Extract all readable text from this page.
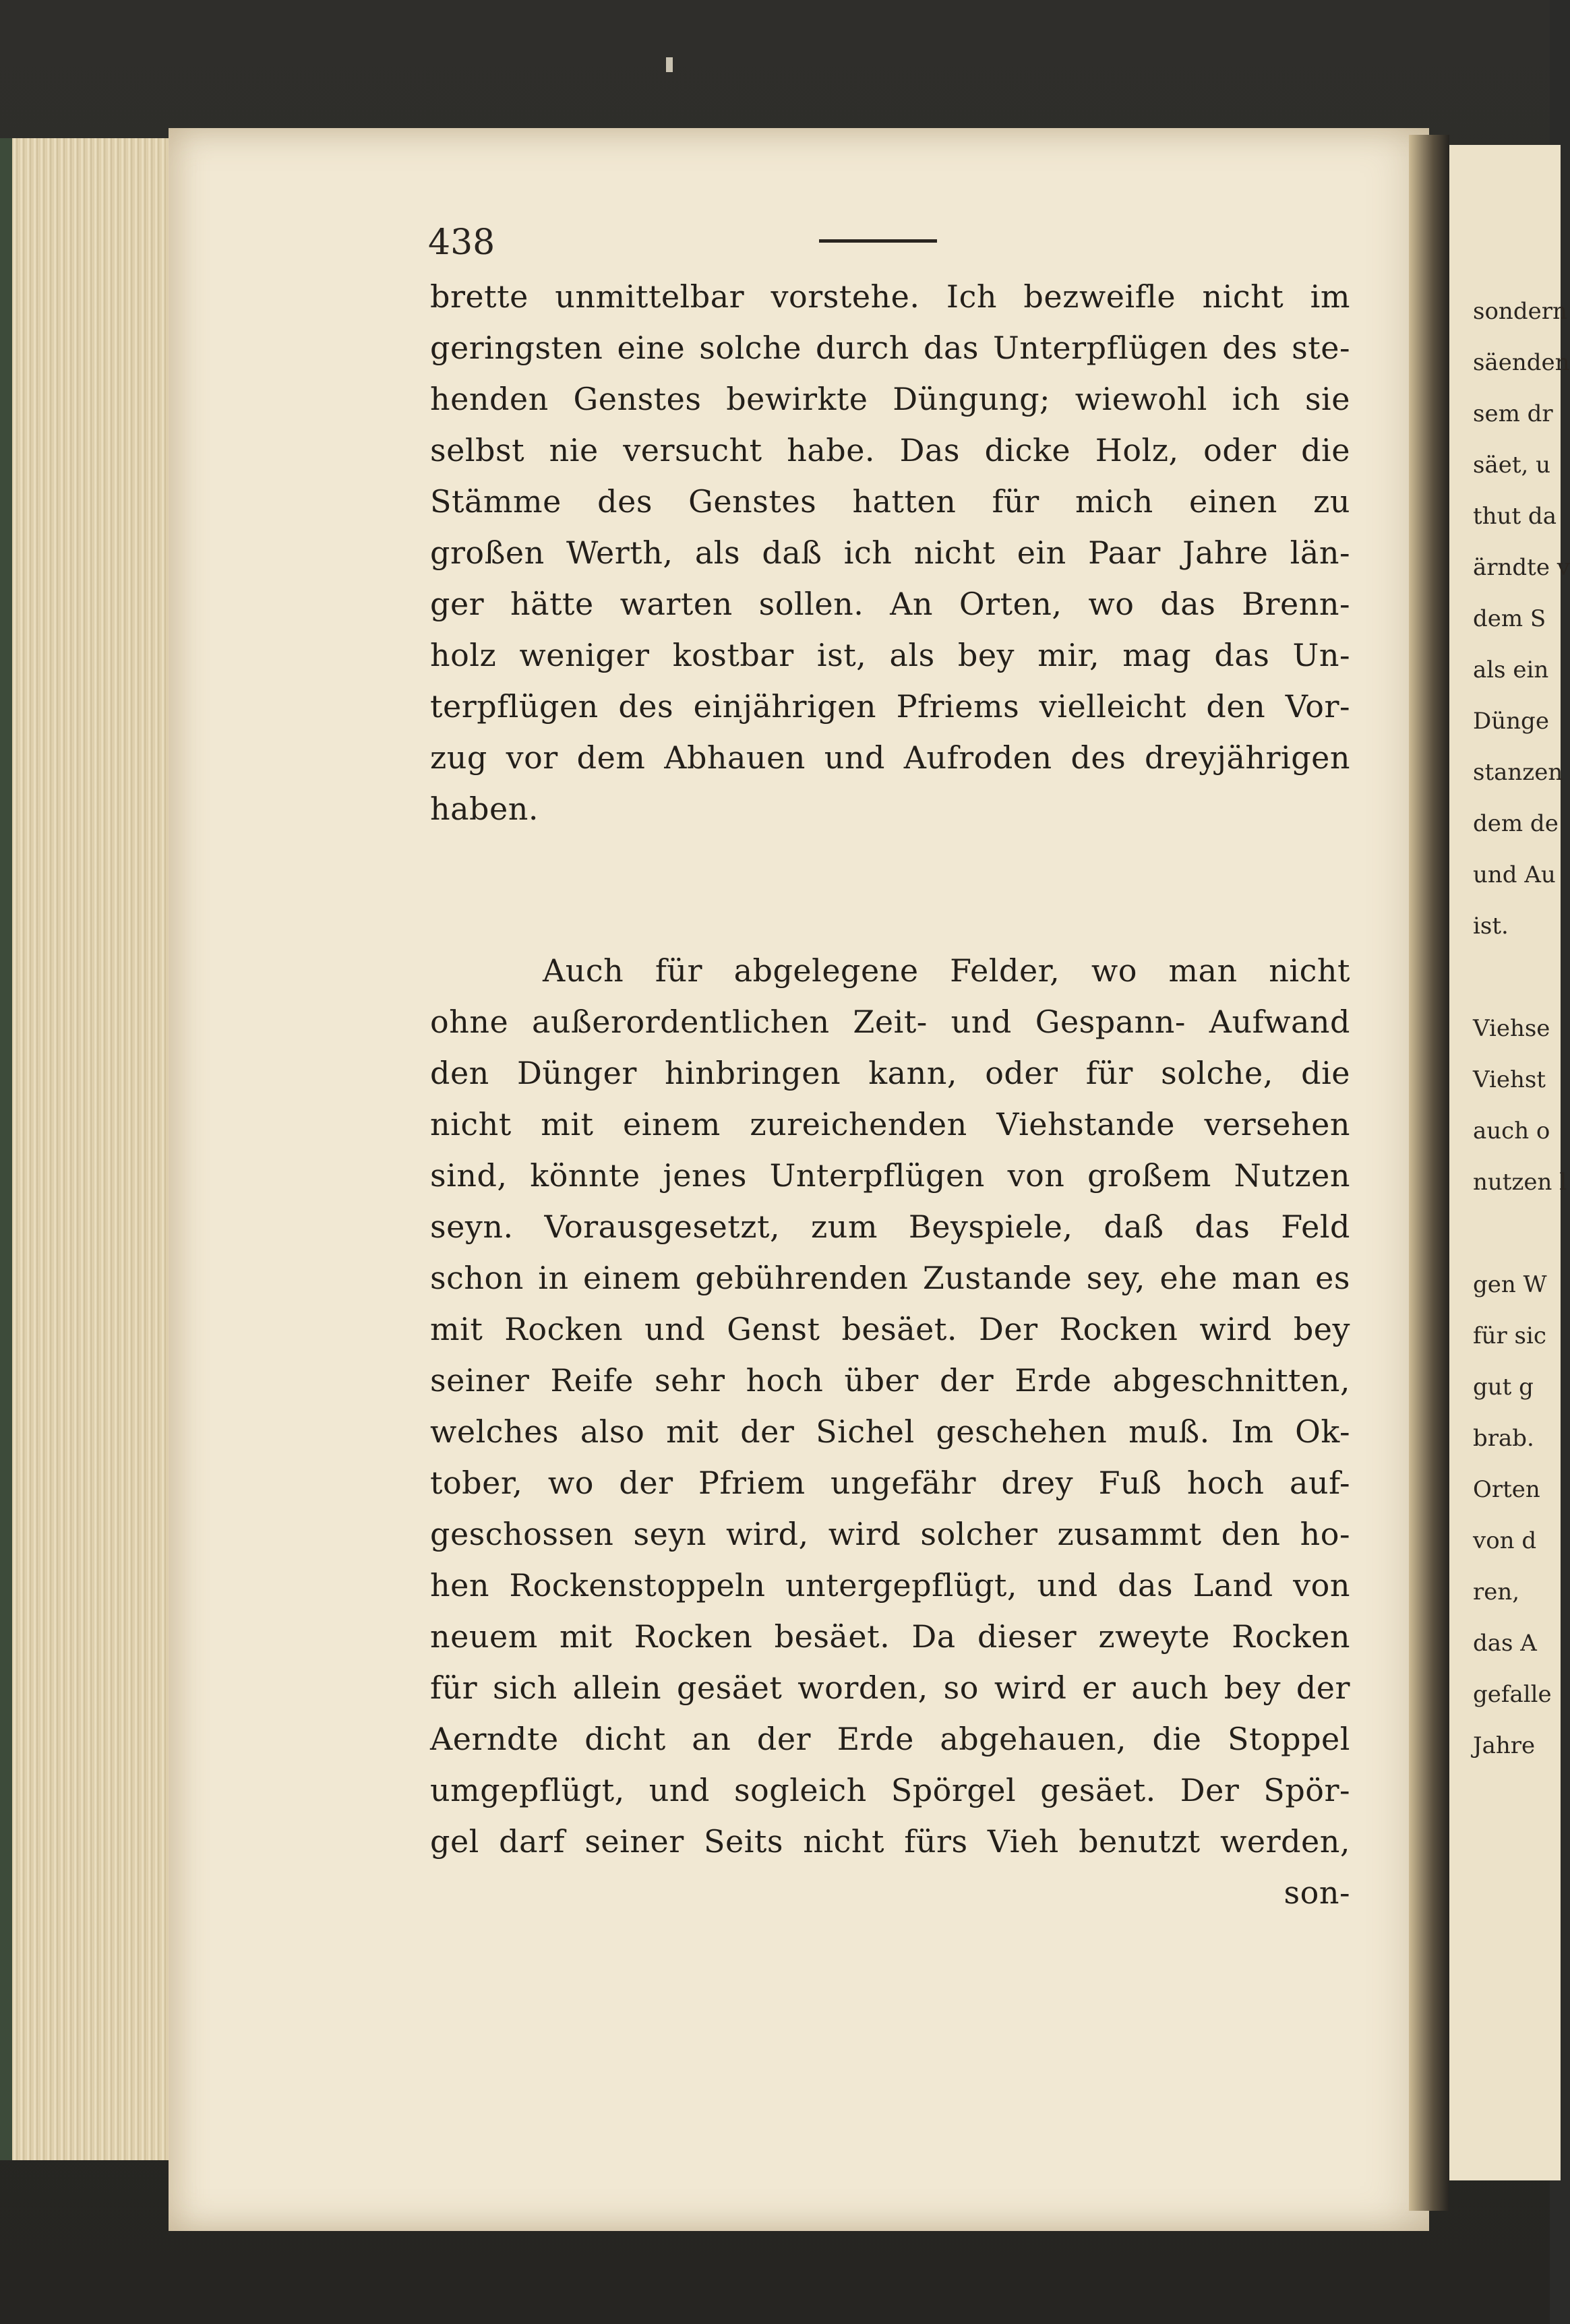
438
brette unmittelbar vorstehe. Ich bezweifle nicht im
geringsten eine solche durch das Unterpflügen des ste-
henden Genstes bewirkte Düngung; wiewohl ich sie
selbst nie versucht habe. Das dicke Holz, oder die
Stämme des Genstes hatten für mich einen zu
großen Werth, als daß ich nicht ein Paar Jahre län-
ger hätte warten sollen. An Orten, wo das Brenn-
holz weniger kostbar ist, als bey mir, mag das Un-
terpflügen des einjährigen Pfriems vielleicht den Vor-
zug vor dem Abhauen und Aufroden des dreyjährigen
haben.
Auch für abgelegene Felder, wo man nicht
ohne außerordentlichen Zeit- und Gespann- Aufwand
den Dünger hinbringen kann, oder für solche, die
nicht mit einem zureichenden Viehstande versehen
sind, könnte jenes Unterpflügen von großem Nutzen
seyn. Vorausgesetzt, zum Beyspiele, daß das Feld
schon in einem gebührenden Zustande sey, ehe man es
mit Rocken und Genst besäet. Der Rocken wird bey
seiner Reife sehr hoch über der Erde abgeschnitten,
welches also mit der Sichel geschehen muß. Im Ok-
tober, wo der Pfriem ungefähr drey Fuß hoch auf-
geschossen seyn wird, wird solcher zusammt den ho-
hen Rockenstoppeln untergepflügt, und das Land von
neuem mit Rocken besäet. Da dieser zweyte Rocken
für sich allein gesäet worden, so wird er auch bey der
Aerndte dicht an der Erde abgehauen, die Stoppel
umgepflügt, und sogleich Spörgel gesäet. Der Spör-
gel darf seiner Seits nicht fürs Vieh benutzt werden,
son-
sondern
säenden
sem dr
säet, u
thut da
ärndte v
dem S
als ein
Dünge
stanzen
dem de
und Au
ist.
Viehse
Viehst
auch o
nutzen l
gen W
für sic
gut g
brab.
Orten
von d
ren,
das A
gefalle
Jahre
